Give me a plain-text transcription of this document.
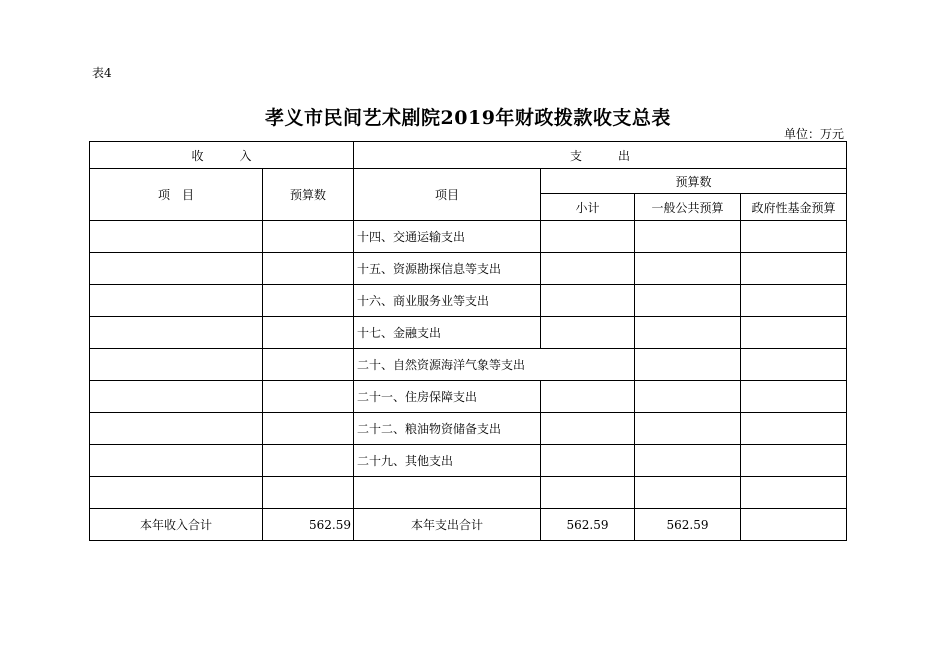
表4
孝义市民间艺术剧院2019年财政拨款收支总表
单位：万元
收　　　入		支　　　出			
项　目	预算数	项目	预算数		
			小计	一般公共预算	政府性基金预算
		十四、交通运输支出			
		十五、资源勘探信息等支出			
		十六、商业服务业等支出			
		十七、金融支出			
		二十、自然资源海洋气象等支出			
		二十一、住房保障支出			
		二十二、粮油物资储备支出			
		二十九、其他支出			

本年收入合计	562.59	本年支出合计	562.59	562.59	
